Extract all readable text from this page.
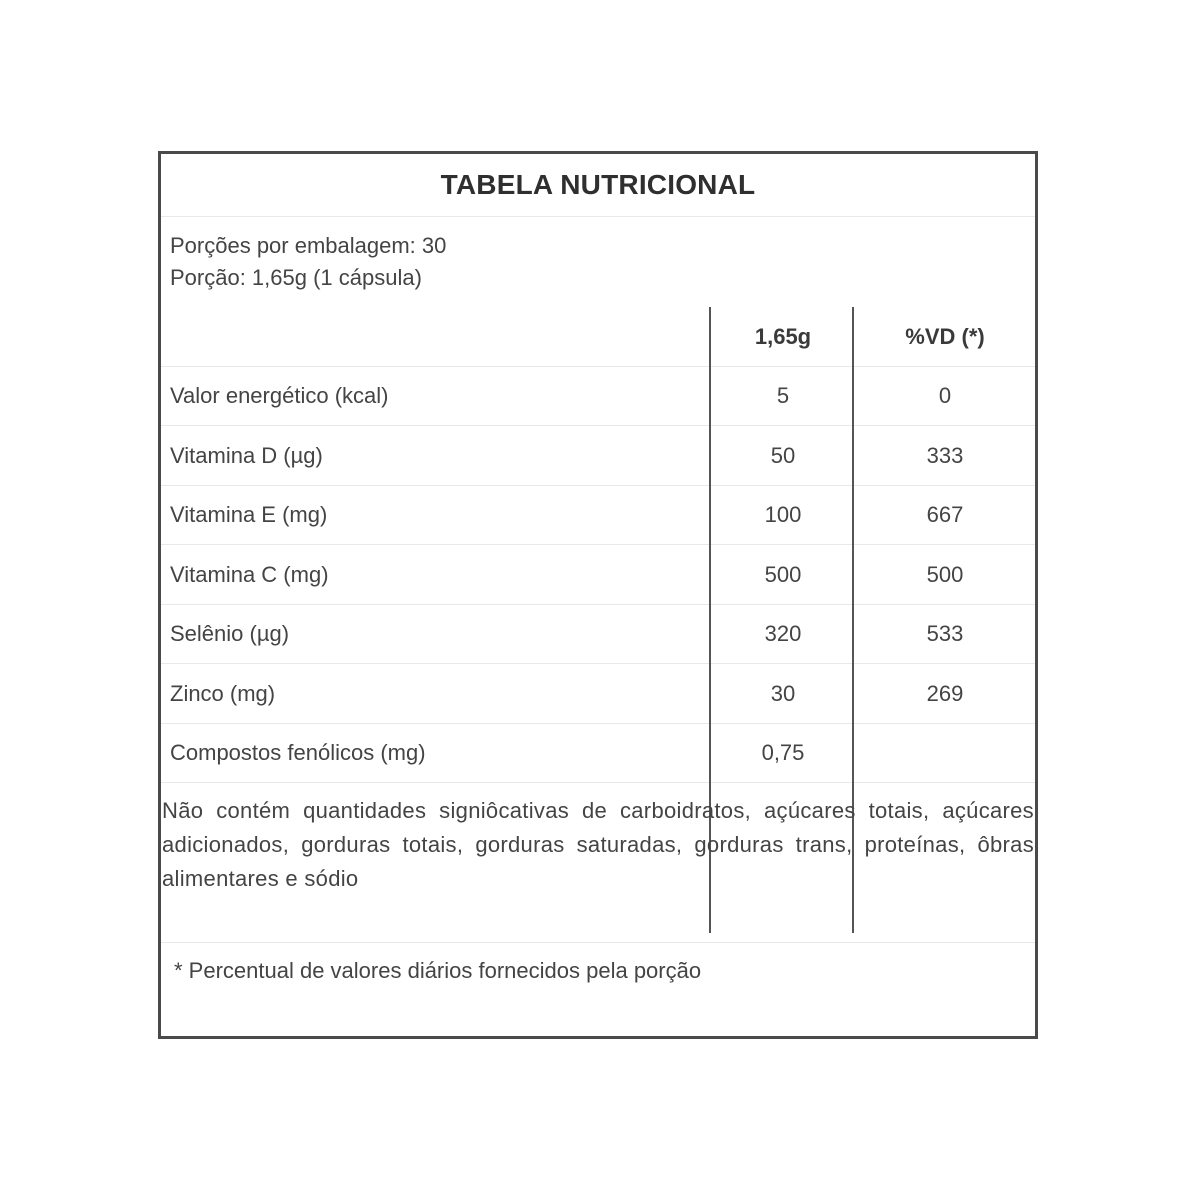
TABELA NUTRICIONAL
Porções por embalagem: 30
Porção: 1,65g (1 cápsula)
1,65g	%VD (*)
Valor energético (kcal)	5	0
Vitamina D (µg)	50	333
Vitamina E (mg)	100	667
Vitamina C (mg)	500	500
Selênio (µg)	320	533
Zinco (mg)	30	269
Compostos fenólicos (mg)	0,75
Não contém quantidades signiôcativas de carboidratos, açúcares totais, açúcares adicionados, gorduras totais, gorduras saturadas, gorduras trans, proteínas, ôbras alimentares e sódio
* Percentual de valores diários fornecidos pela porção
